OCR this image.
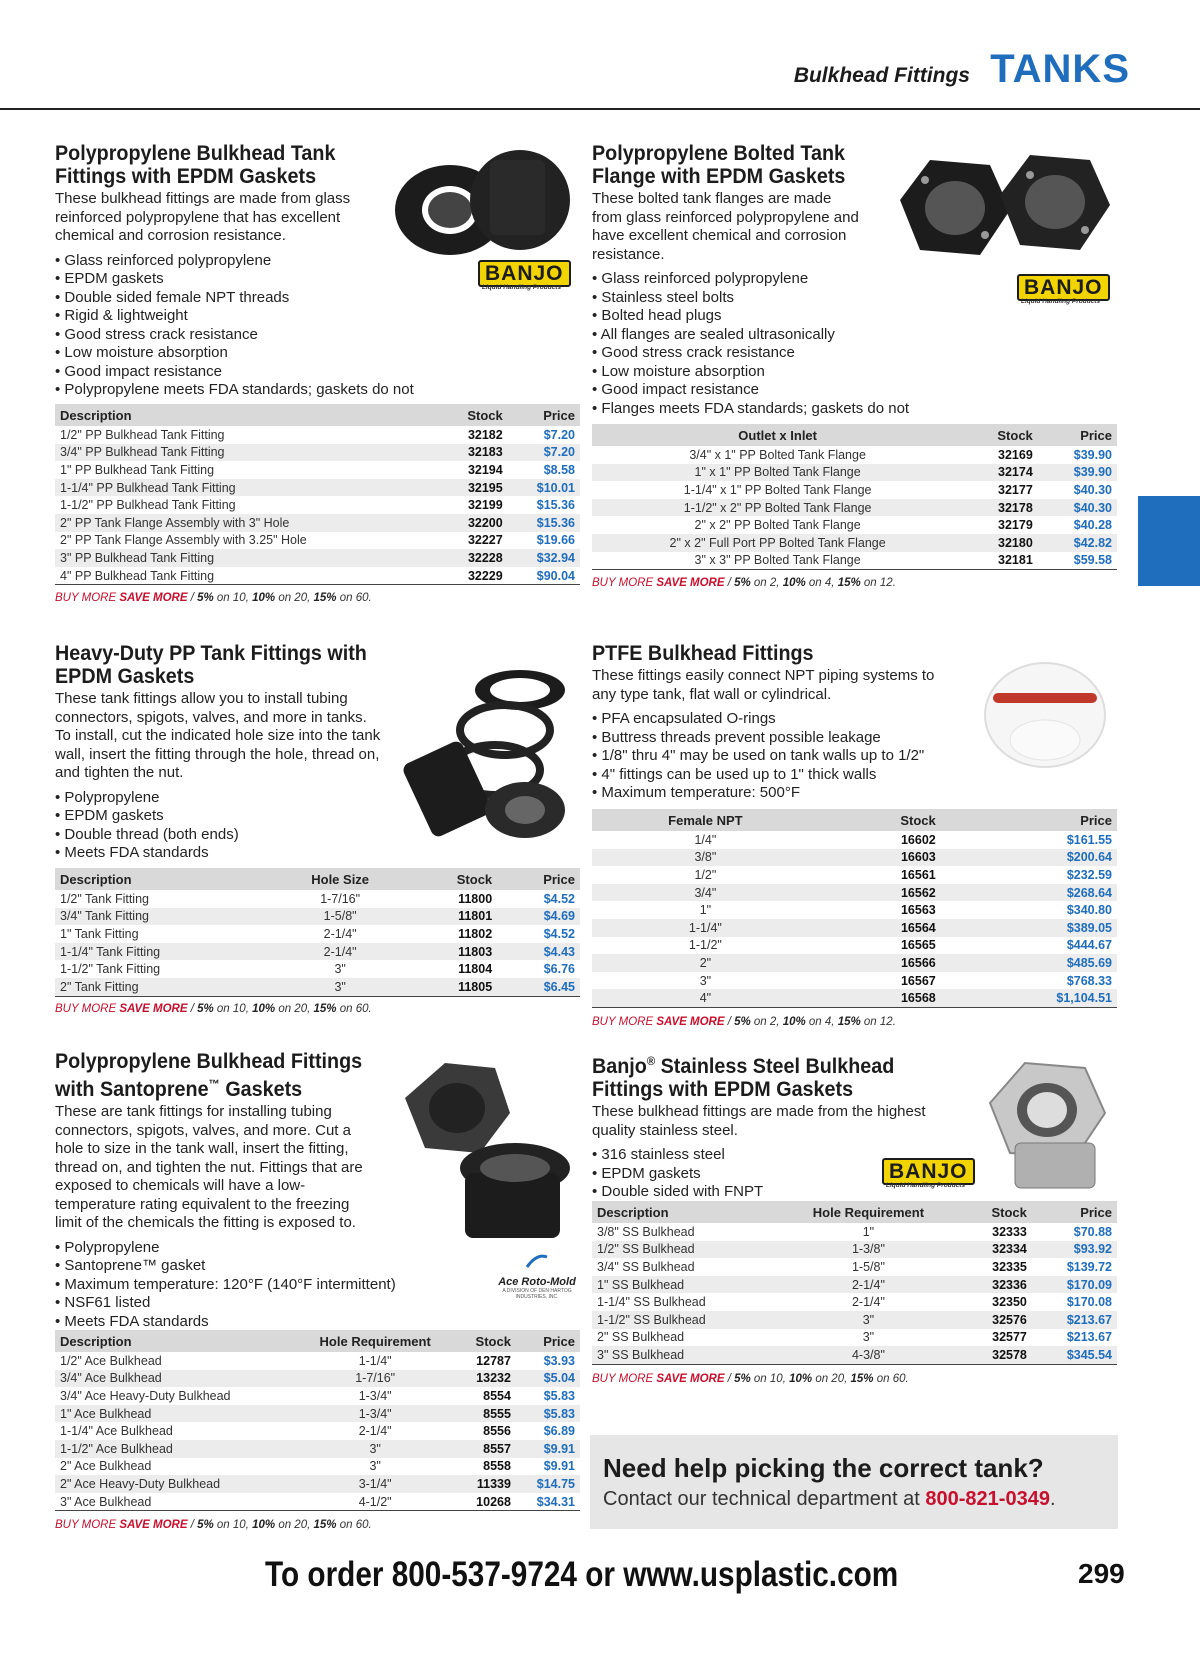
Bulkhead Fittings TANKS
Polypropylene Bulkhead Tank
Fittings with EPDM Gaskets
These bulkhead fittings are made from glass reinforced polypropylene that has excellent chemical and corrosion resistance.
• Glass reinforced polypropylene
• EPDM gaskets
• Double sided female NPT threads
• Rigid & lightweight
• Good stress crack resistance
• Low moisture absorption
• Good impact resistance
• Polypropylene meets FDA standards; gaskets do not
BANJO
Liquid Handling Products
Description	Stock	Price
1/2" PP Bulkhead Tank Fitting	32182	$7.20
3/4" PP Bulkhead Tank Fitting	32183	$7.20
1" PP Bulkhead Tank Fitting	32194	$8.58
1-1/4" PP Bulkhead Tank Fitting	32195	$10.01
1-1/2" PP Bulkhead Tank Fitting	32199	$15.36
2" PP Tank Flange Assembly with 3" Hole	32200	$15.36
2" PP Tank Flange Assembly with 3.25" Hole	32227	$19.66
3" PP Bulkhead Tank Fitting	32228	$32.94
4" PP Bulkhead Tank Fitting	32229	$90.04
BUY MORE SAVE MORE / 5% on 10, 10% on 20, 15% on 60.
Polypropylene Bolted Tank
Flange with EPDM Gaskets
These bolted tank flanges are made from glass reinforced polypropylene and have excellent chemical and corrosion resistance.
• Glass reinforced polypropylene
• Stainless steel bolts
• Bolted head plugs
• All flanges are sealed ultrasonically
• Good stress crack resistance
• Low moisture absorption
• Good impact resistance
• Flanges meets FDA standards; gaskets do not
BANJO
Liquid Handling Products
Outlet x Inlet	Stock	Price
3/4" x 1" PP Bolted Tank Flange	32169	$39.90
1" x 1" PP Bolted Tank Flange	32174	$39.90
1-1/4" x 1" PP Bolted Tank Flange	32177	$40.30
1-1/2" x 2" PP Bolted Tank Flange	32178	$40.30
2" x 2" PP Bolted Tank Flange	32179	$40.28
2" x 2" Full Port PP Bolted Tank Flange	32180	$42.82
3" x 3" PP Bolted Tank Flange	32181	$59.58
BUY MORE SAVE MORE / 5% on 2, 10% on 4, 15% on 12.
Heavy-Duty PP Tank Fittings with
EPDM Gaskets
These tank fittings allow you to install tubing connectors, spigots, valves, and more in tanks. To install, cut the indicated hole size into the tank wall, insert the fitting through the hole, thread on, and tighten the nut.
• Polypropylene
• EPDM gaskets
• Double thread (both ends)
• Meets FDA standards
Description	Hole Size	Stock	Price
1/2" Tank Fitting	1-7/16"	11800	$4.52
3/4" Tank Fitting	1-5/8"	11801	$4.69
1" Tank Fitting	2-1/4"	11802	$4.52
1-1/4" Tank Fitting	2-1/4"	11803	$4.43
1-1/2" Tank Fitting	3"	11804	$6.76
2" Tank Fitting	3"	11805	$6.45
BUY MORE SAVE MORE / 5% on 10, 10% on 20, 15% on 60.
PTFE Bulkhead Fittings
These fittings easily connect NPT piping systems to any type tank, flat wall or cylindrical.
• PFA encapsulated O-rings
• Buttress threads prevent possible leakage
• 1/8" thru 4" may be used on tank walls up to 1/2"
• 4" fittings can be used up to 1" thick walls
• Maximum temperature: 500°F
Female NPT	Stock	Price
1/4"	16602	$161.55
3/8"	16603	$200.64
1/2"	16561	$232.59
3/4"	16562	$268.64
1"	16563	$340.80
1-1/4"	16564	$389.05
1-1/2"	16565	$444.67
2"	16566	$485.69
3"	16567	$768.33
4"	16568	$1,104.51
BUY MORE SAVE MORE / 5% on 2, 10% on 4, 15% on 12.
Polypropylene Bulkhead Fittings
with Santoprene™ Gaskets
These are tank fittings for installing tubing connectors, spigots, valves, and more. Cut a hole to size in the tank wall, insert the fitting, thread on, and tighten the nut. Fittings that are exposed to chemicals will have a low-temperature rating equivalent to the freezing limit of the chemicals the fitting is exposed to.
• Polypropylene
• Santoprene™ gasket
• Maximum temperature: 120°F (140°F intermittent)
• NSF61 listed
• Meets FDA standards
Ace Roto-Mold
A DIVISION OF DEN HARTOG INDUSTRIES, INC.
Description	Hole Requirement	Stock	Price
1/2" Ace Bulkhead	1-1/4"	12787	$3.93
3/4" Ace Bulkhead	1-7/16"	13232	$5.04
3/4" Ace Heavy-Duty Bulkhead	1-3/4"	8554	$5.83
1" Ace Bulkhead	1-3/4"	8555	$5.83
1-1/4" Ace Bulkhead	2-1/4"	8556	$6.89
1-1/2" Ace Bulkhead	3"	8557	$9.91
2" Ace Bulkhead	3"	8558	$9.91
2" Ace Heavy-Duty Bulkhead	3-1/4"	11339	$14.75
3" Ace Bulkhead	4-1/2"	10268	$34.31
BUY MORE SAVE MORE / 5% on 10, 10% on 20, 15% on 60.
Banjo® Stainless Steel Bulkhead
Fittings with EPDM Gaskets
These bulkhead fittings are made from the highest quality stainless steel.
• 316 stainless steel
• EPDM gaskets
• Double sided with FNPT
BANJO
Liquid Handling Products
Description	Hole Requirement	Stock	Price
3/8" SS Bulkhead	1"	32333	$70.88
1/2" SS Bulkhead	1-3/8"	32334	$93.92
3/4" SS Bulkhead	1-5/8"	32335	$139.72
1" SS Bulkhead	2-1/4"	32336	$170.09
1-1/4" SS Bulkhead	2-1/4"	32350	$170.08
1-1/2" SS Bulkhead	3"	32576	$213.67
2" SS Bulkhead	3"	32577	$213.67
3" SS Bulkhead	4-3/8"	32578	$345.54
BUY MORE SAVE MORE / 5% on 10, 10% on 20, 15% on 60.
Need help picking the correct tank?
Contact our technical department at 800-821-0349.
To order 800-537-9724 or www.usplastic.com	299
